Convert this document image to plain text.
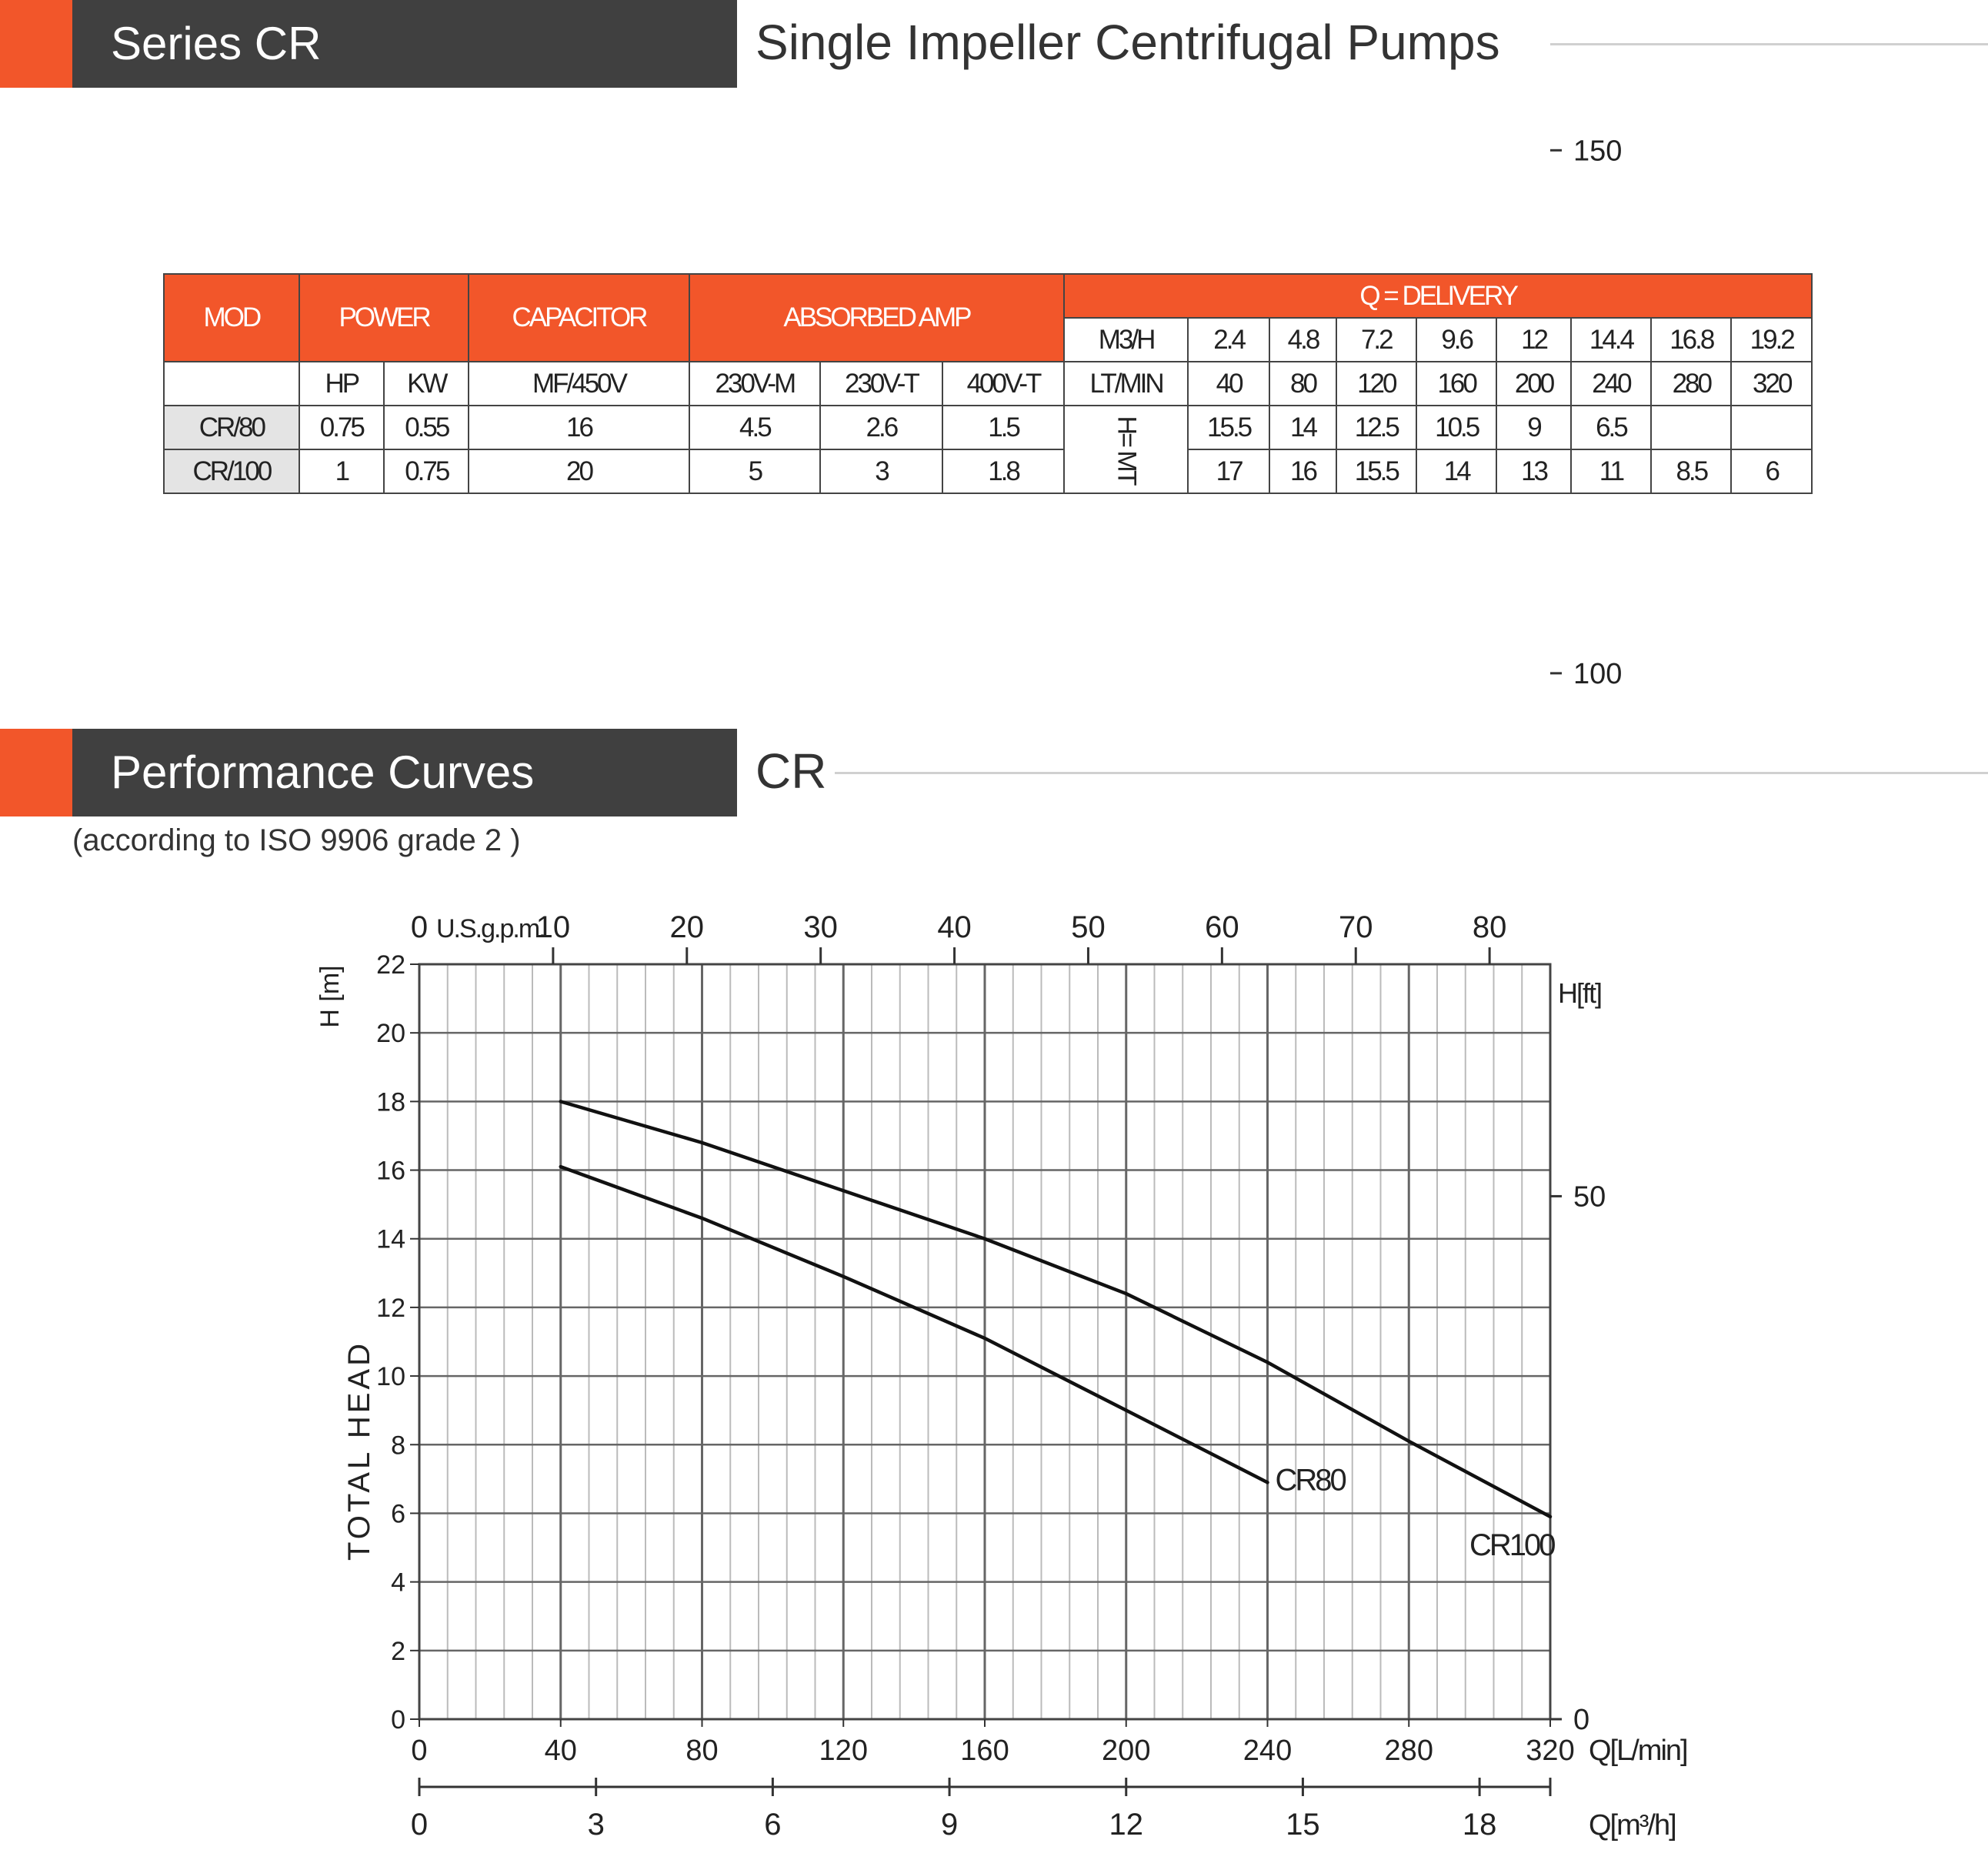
Series CR	Single Impeller Centrifugal Pumps
MOD	POWER		CAPACITOR	ABSORBED AMP			Q = DELIVERY								
							M3/H	2.4	4.8	7.2	9.6	12	14.4	16.8	19.2
	HP	KW	MF/450V	230V-M	230V-T	400V-T	LT/MIN	40	80	120	160	200	240	280	320
CR/80	0.75	0.55	16	4.5	2.6	1.5	H= MT	15.5	14	12.5	10.5	9	6.5		
CR/100	1	0.75	20	5	3	1.8		17	16	15.5	14	13	11	8.5	6
Performance Curves	CR
(according to ISO 9906 grade 2 )
0
2
4
6
8
10
12
14
16
18
20
22
0	40	80	120	160	200	240	280	320 Q[L/min]
0	3	6	9	12	15	18	Q[m³/h]
0	10	20	30	40	50	60	70	80
U.S.g.p.m.
0
50
100
150
H[ft]
TOTAL HEAD
H [m]
CR80
CR100
